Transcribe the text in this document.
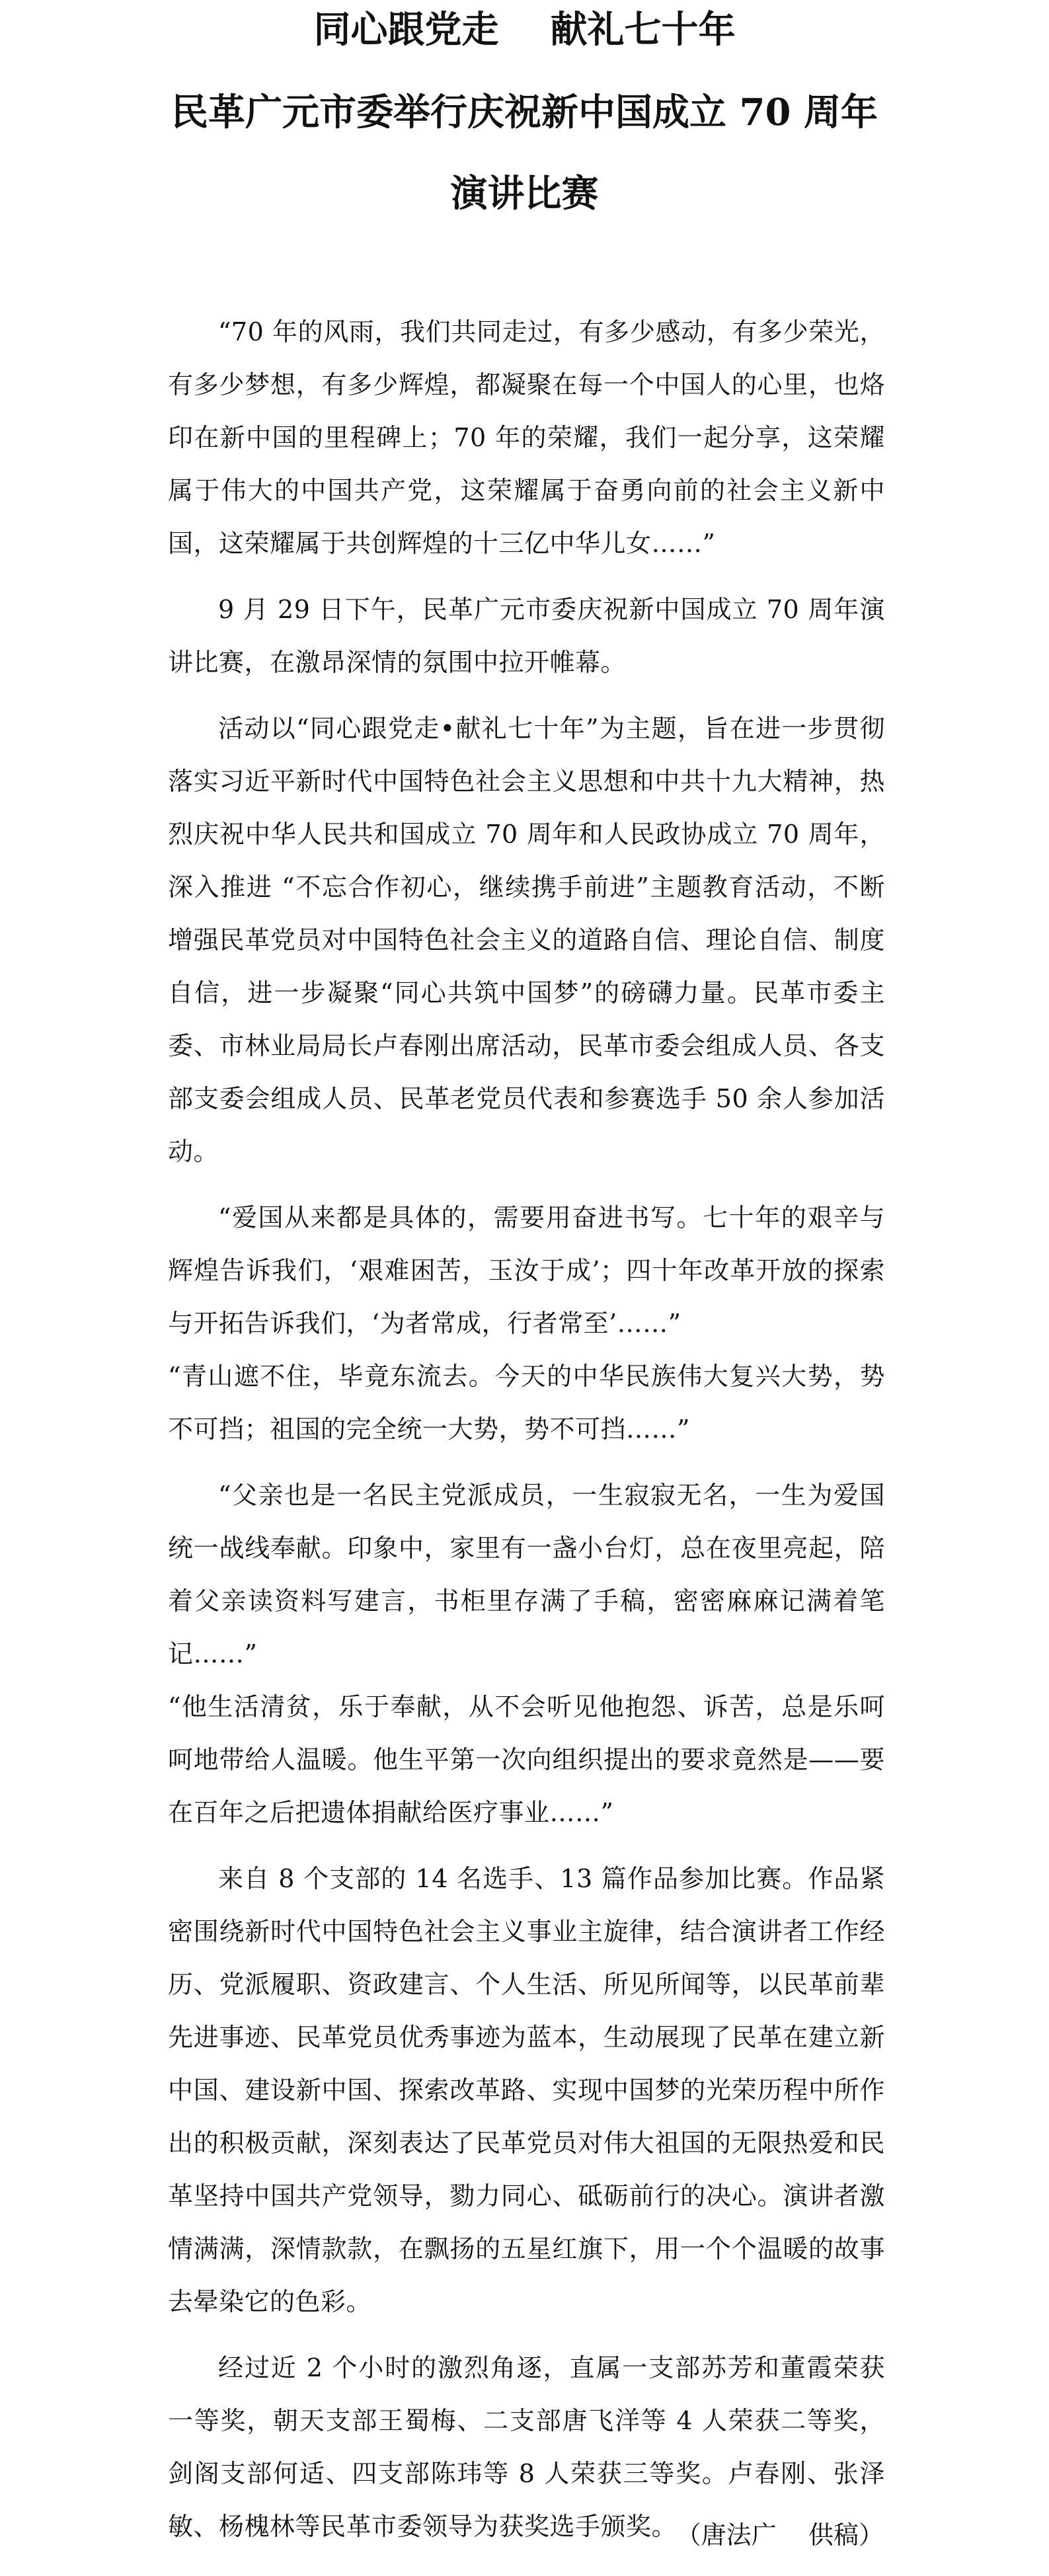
同心跟党走    献礼七十年
民革广元市委举行庆祝新中国成立 70 周年
演讲比赛

“70 年的风雨，我们共同走过，有多少感动，有多少荣光，有多少梦想，有多少辉煌，都凝聚在每一个中国人的心里，也烙印在新中国的里程碑上；70 年的荣耀，我们一起分享，这荣耀属于伟大的中国共产党，这荣耀属于奋勇向前的社会主义新中国，这荣耀属于共创辉煌的十三亿中华儿女……”

9 月 29 日下午，民革广元市委庆祝新中国成立 70 周年演讲比赛，在激昂深情的氛围中拉开帷幕。

活动以“同心跟党走•献礼七十年”为主题，旨在进一步贯彻落实习近平新时代中国特色社会主义思想和中共十九大精神，热烈庆祝中华人民共和国成立 70 周年和人民政协成立 70 周年，深入推进 “不忘合作初心，继续携手前进”主题教育活动，不断增强民革党员对中国特色社会主义的道路自信、理论自信、制度自信，进一步凝聚“同心共筑中国梦”的磅礴力量。民革市委主委、市林业局局长卢春刚出席活动，民革市委会组成人员、各支部支委会组成人员、民革老党员代表和参赛选手 50 余人参加活动。

“爱国从来都是具体的，需要用奋进书写。七十年的艰辛与辉煌告诉我们，‘艰难困苦，玉汝于成’；四十年改革开放的探索与开拓告诉我们，‘为者常成，行者常至’……”

“青山遮不住，毕竟东流去。今天的中华民族伟大复兴大势，势不可挡；祖国的完全统一大势，势不可挡……”

“父亲也是一名民主党派成员，一生寂寂无名，一生为爱国统一战线奉献。印象中，家里有一盏小台灯，总在夜里亮起，陪着父亲读资料写建言，书柜里存满了手稿，密密麻麻记满着笔记……”

“他生活清贫，乐于奉献，从不会听见他抱怨、诉苦，总是乐呵呵地带给人温暖。他生平第一次向组织提出的要求竟然是——要在百年之后把遗体捐献给医疗事业……”

来自 8 个支部的 14 名选手、13 篇作品参加比赛。作品紧密围绕新时代中国特色社会主义事业主旋律，结合演讲者工作经历、党派履职、资政建言、个人生活、所见所闻等，以民革前辈先进事迹、民革党员优秀事迹为蓝本，生动展现了民革在建立新中国、建设新中国、探索改革路、实现中国梦的光荣历程中所作出的积极贡献，深刻表达了民革党员对伟大祖国的无限热爱和民革坚持中国共产党领导，勠力同心、砥砺前行的决心。演讲者激情满满，深情款款，在飘扬的五星红旗下，用一个个温暖的故事去晕染它的色彩。

经过近 2 个小时的激烈角逐，直属一支部苏芳和董霞荣获一等奖，朝天支部王蜀梅、二支部唐飞洋等 4 人荣获二等奖，剑阁支部何适、四支部陈玮等 8 人荣获三等奖。卢春刚、张泽敏、杨槐林等民革市委领导为获奖选手颁奖。

（唐法广    供稿）
